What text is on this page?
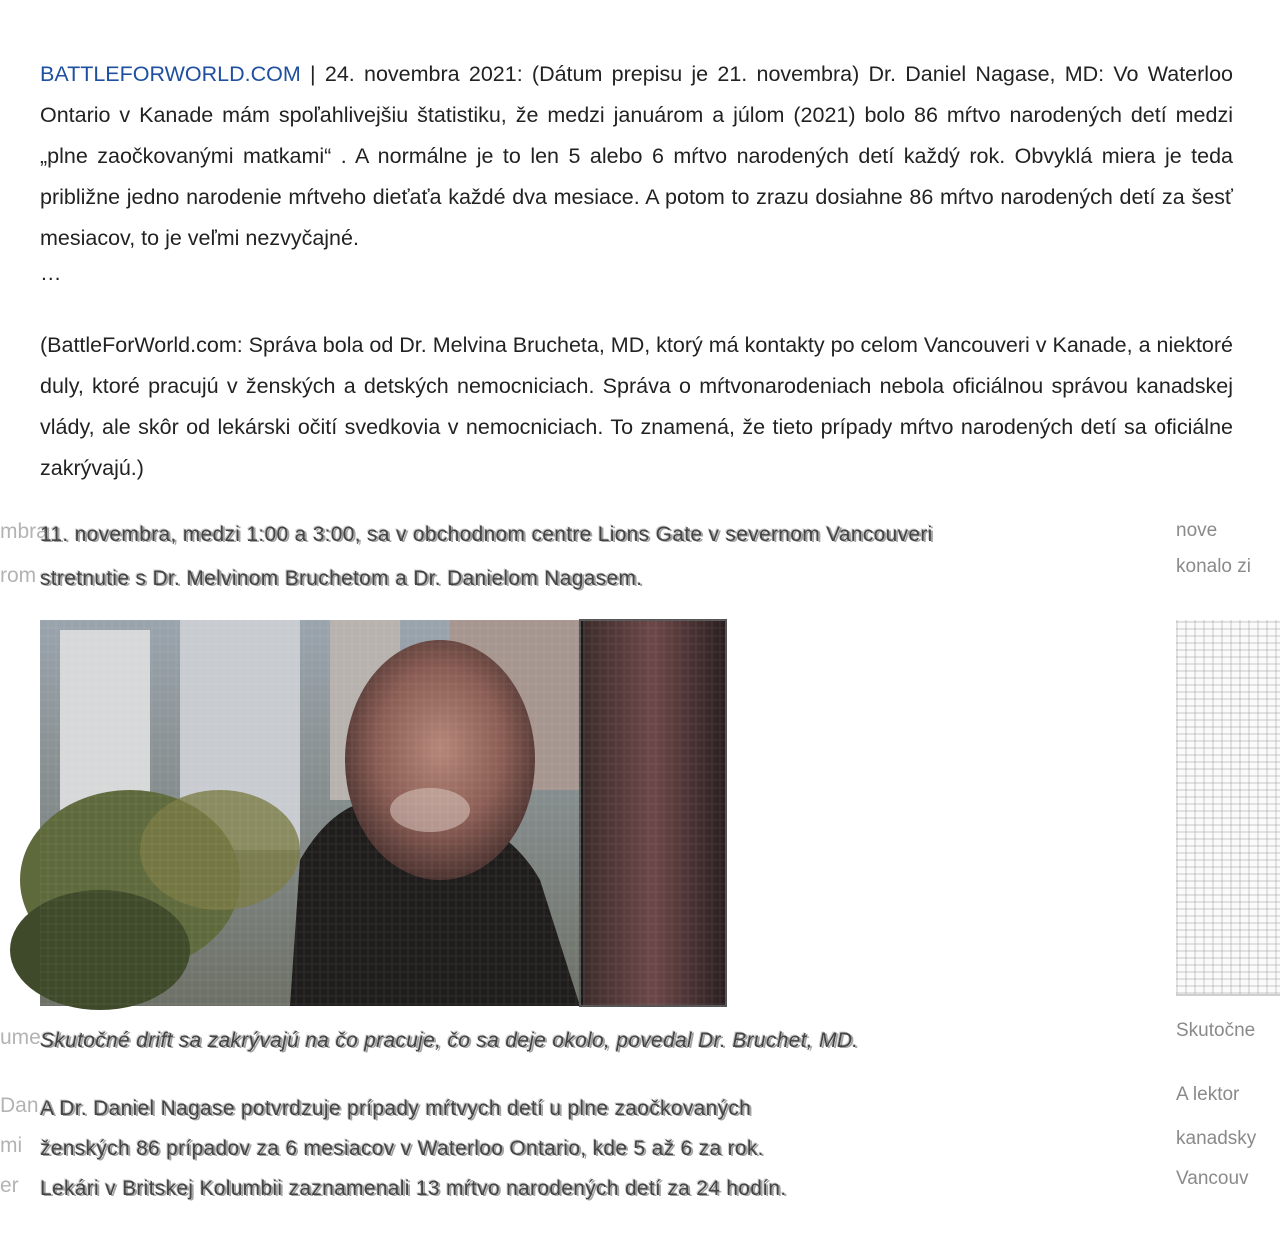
BATTLEFORWORLD.COM | 24. novembra 2021: (Dátum prepisu je 21. novembra) Dr. Daniel Nagase, MD: Vo Waterloo Ontario v Kanade mám spoľahlivejšiu štatistiku, že medzi januárom a júlom (2021) bolo 86 mŕtvo narodených detí medzi „plne zaočkovanými matkami“ . A normálne je to len 5 alebo 6 mŕtvo narodených detí každý rok. Obvyklá miera je teda približne jedno narodenie mŕtveho dieťaťa každé dva mesiace. A potom to zrazu dosiahne 86 mŕtvo narodených detí za šesť mesiacov, to je veľmi nezvyčajné.
…

(BattleForWorld.com: Správa bola od Dr. Melvina Brucheta, MD, ktorý má kontakty po celom Vancouveri v Kanade, a niektoré duly, ktoré pracujú v ženských a detských nemocniciach. Správa o mŕtvonarodeniach nebola oficiálnou správou kanadskej vlády, ale skôr od lekárski očití svedkovia v nemocniciach. To znamená, že tieto prípady mŕtvo narodených detí sa oficiálne zakrývajú.)

mbra
rom
ume
Dan
mi
er
11. novembra, medzi 1:00 a 3:00, sa v obchodnom centre Lions Gate v severnom Vancouveri
stretnutie s Dr. Melvinom Bruchetom a Dr. Danielom Nagasem.
Skutočné drift sa zakrývajú na čo pracuje, čo sa deje okolo, povedal Dr. Bruchet, MD.
A Dr. Daniel Nagase potvrdzuje prípady mŕtvych detí u plne zaočkovaných
ženských 86 prípadov za 6 mesiacov v Waterloo Ontario, kde 5 až 6 za rok.
Lekári v Britskej Kolumbii zaznamenali 13 mŕtvo narodených detí za 24 hodín.
nove
konalo zi
Skutočne
A lektor
kanadsky
Vancouv
